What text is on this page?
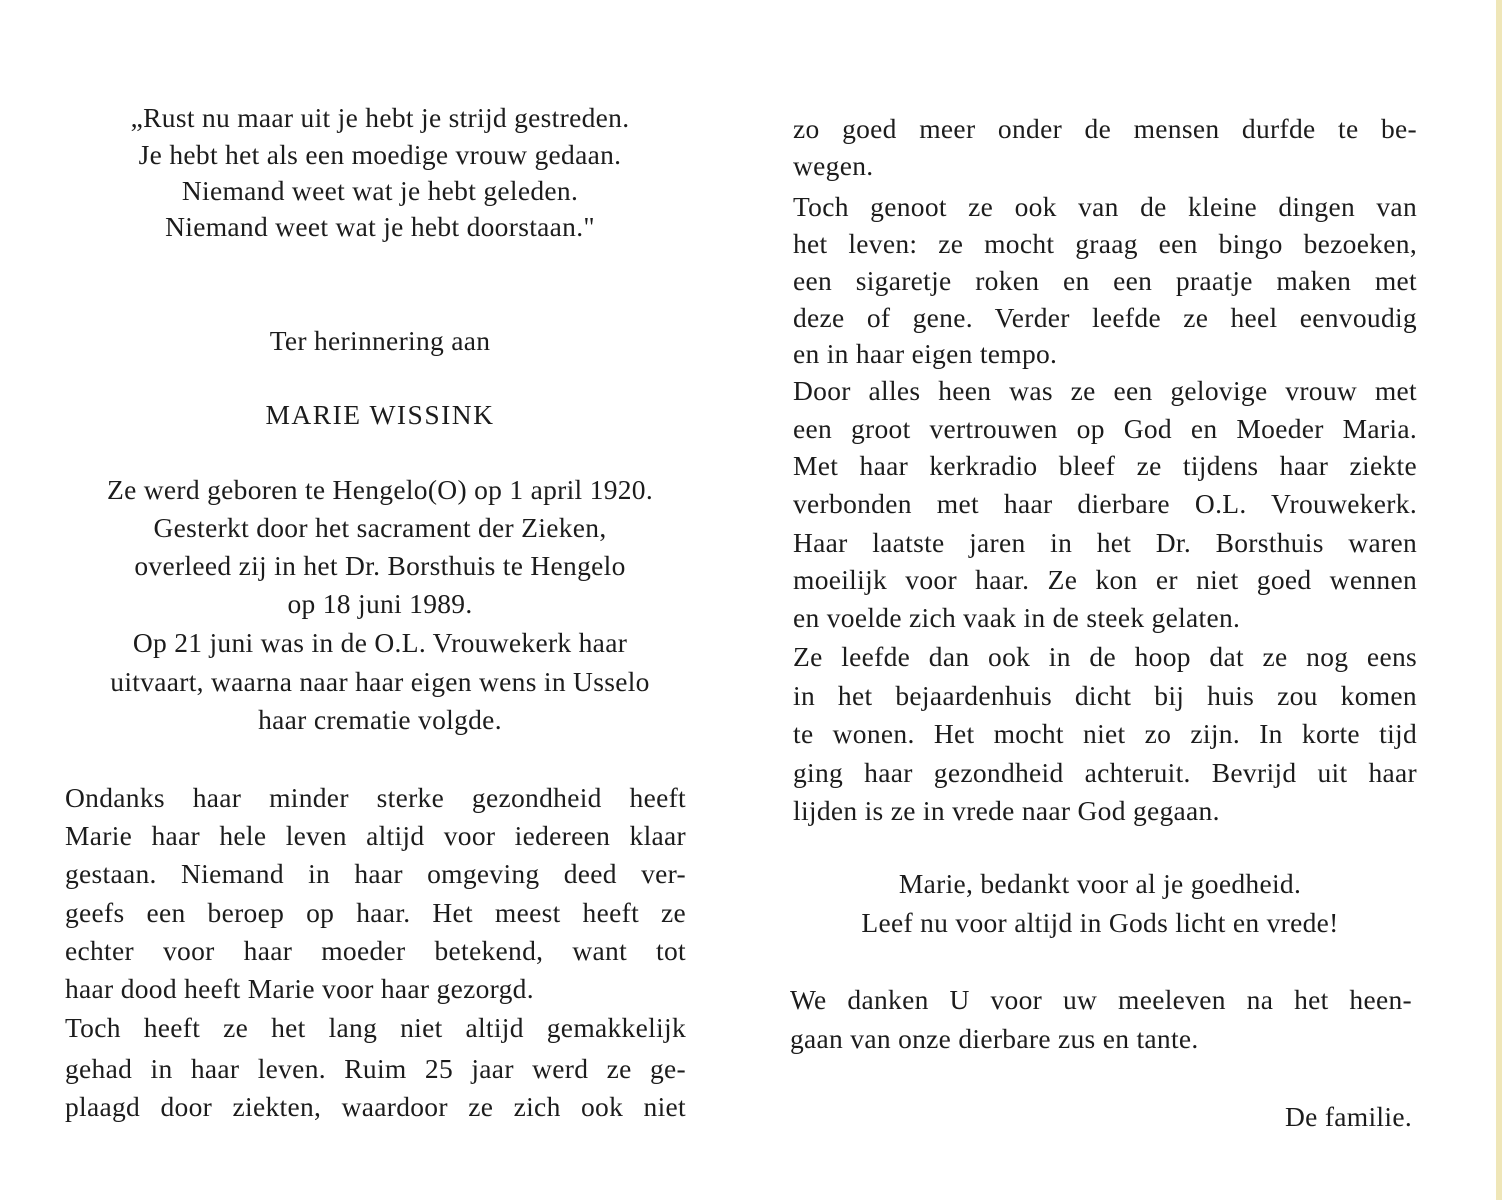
„Rust nu maar uit je hebt je strijd gestreden.
Je hebt het als een moedige vrouw gedaan.
Niemand weet wat je hebt geleden.
Niemand weet wat je hebt doorstaan."
Ter herinnering aan
MARIE WISSINK
Ze werd geboren te Hengelo(O) op 1 april 1920.
Gesterkt door het sacrament der Zieken,
overleed zij in het Dr. Borsthuis te Hengelo
op 18 juni 1989.
Op 21 juni was in de O.L. Vrouwekerk haar
uitvaart, waarna naar haar eigen wens in Usselo
haar crematie volgde.
Ondanks haar minder sterke gezondheid heeft
Marie haar hele leven altijd voor iedereen klaar
gestaan. Niemand in haar omgeving deed ver-
geefs een beroep op haar. Het meest heeft ze
echter voor haar moeder betekend, want tot
haar dood heeft Marie voor haar gezorgd.
Toch heeft ze het lang niet altijd gemakkelijk
gehad in haar leven. Ruim 25 jaar werd ze ge-
plaagd door ziekten, waardoor ze zich ook niet
zo goed meer onder de mensen durfde te be-
wegen.
Toch genoot ze ook van de kleine dingen van
het leven: ze mocht graag een bingo bezoeken,
een sigaretje roken en een praatje maken met
deze of gene. Verder leefde ze heel eenvoudig
en in haar eigen tempo.
Door alles heen was ze een gelovige vrouw met
een groot vertrouwen op God en Moeder Maria.
Met haar kerkradio bleef ze tijdens haar ziekte
verbonden met haar dierbare O.L. Vrouwekerk.
Haar laatste jaren in het Dr. Borsthuis waren
moeilijk voor haar. Ze kon er niet goed wennen
en voelde zich vaak in de steek gelaten.
Ze leefde dan ook in de hoop dat ze nog eens
in het bejaardenhuis dicht bij huis zou komen
te wonen. Het mocht niet zo zijn. In korte tijd
ging haar gezondheid achteruit. Bevrijd uit haar
lijden is ze in vrede naar God gegaan.
Marie, bedankt voor al je goedheid.
Leef nu voor altijd in Gods licht en vrede!
We danken U voor uw meeleven na het heen-
gaan van onze dierbare zus en tante.
De familie.
